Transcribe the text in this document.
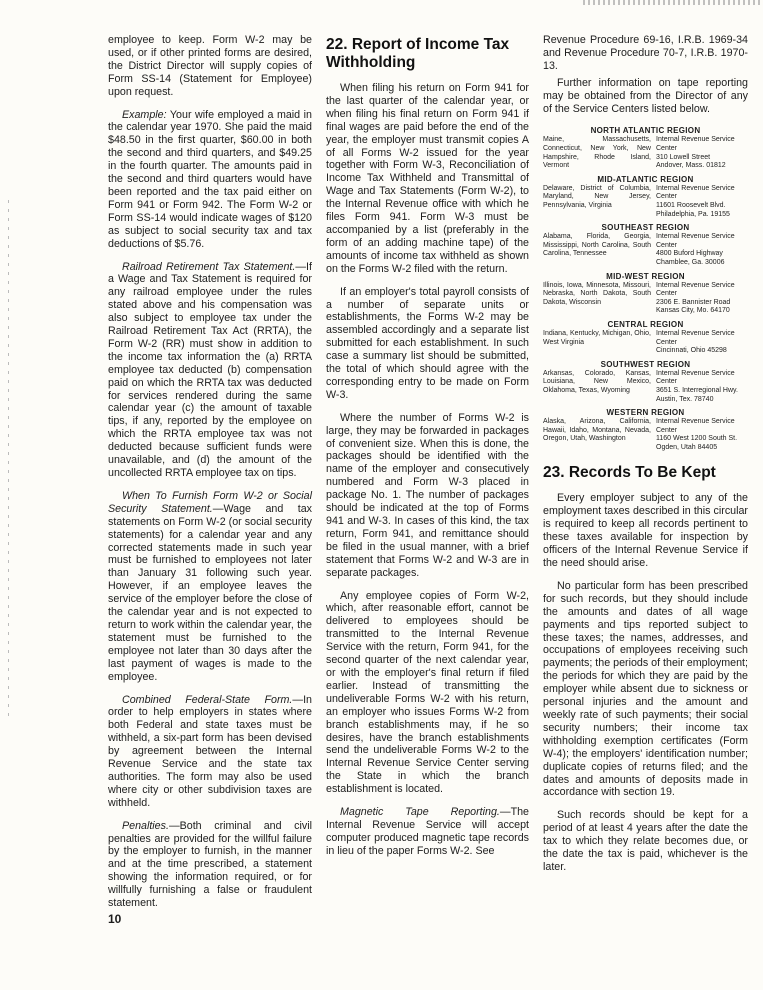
employee to keep. Form W-2 may be used, or if other printed forms are desired, the District Director will supply copies of Form SS-14 (Statement for Employee) upon request.

Example: Your wife employed a maid in the calendar year 1970. She paid the maid $48.50 in the first quarter, $60.00 in both the second and third quarters, and $49.25 in the fourth quarter. The amounts paid in the second and third quarters would have been reported and the tax paid either on Form 941 or Form 942. The Form W-2 or Form SS-14 would indicate wages of $120 as subject to social security tax and tax deductions of $5.76.

Railroad Retirement Tax Statement.—If a Wage and Tax Statement is required for any railroad employee under the rules stated above and his compensation was also subject to employee tax under the Railroad Retirement Tax Act (RRTA), the Form W-2 (RR) must show in addition to the income tax information the (a) RRTA employee tax deducted (b) compensation paid on which the RRTA tax was deducted for services rendered during the same calendar year (c) the amount of taxable tips, if any, reported by the employee on which the RRTA employee tax was not deducted because sufficient funds were unavailable, and (d) the amount of the uncollected RRTA employee tax on tips.

When To Furnish Form W-2 or Social Security Statement.—Wage and tax statements on Form W-2 (or social security statements) for a calendar year and any corrected statements made in such year must be furnished to employees not later than January 31 following such year. However, if an employee leaves the service of the employer before the close of the calendar year and is not expected to return to work within the calendar year, the statement must be furnished to the employee not later than 30 days after the last payment of wages is made to the employee.

Combined Federal-State Form.—In order to help employers in states where both Federal and state taxes must be withheld, a six-part form has been devised by agreement between the Internal Revenue Service and the state tax authorities. The form may also be used where city or other subdivision taxes are withheld.

Penalties.—Both criminal and civil penalties are provided for the willful failure by the employer to furnish, in the manner and at the time prescribed, a statement showing the information required, or for willfully furnishing a false or fraudulent statement.

22. Report of Income Tax Withholding

When filing his return on Form 941 for the last quarter of the calendar year, or when filing his final return on Form 941 if final wages are paid before the end of the year, the employer must transmit copies A of all Forms W-2 issued for the year together with Form W-3, Reconciliation of Income Tax Withheld and Transmittal of Wage and Tax Statements (Form W-2), to the Internal Revenue office with which he files Form 941. Form W-3 must be accompanied by a list (preferably in the form of an adding machine tape) of the amounts of income tax withheld as shown on the Forms W-2 filed with the return.

If an employer's total payroll consists of a number of separate units or establishments, the Forms W-2 may be assembled accordingly and a separate list submitted for each establishment. In such case a summary list should be submitted, the total of which should agree with the corresponding entry to be made on Form W-3.

Where the number of Forms W-2 is large, they may be forwarded in packages of convenient size. When this is done, the packages should be identified with the name of the employer and consecutively numbered and Form W-3 placed in package No. 1. The number of packages should be indicated at the top of Forms 941 and W-3. In cases of this kind, the tax return, Form 941, and remittance should be filed in the usual manner, with a brief statement that Forms W-2 and W-3 are in separate packages.

Any employee copies of Form W-2, which, after reasonable effort, cannot be delivered to employees should be transmitted to the Internal Revenue Service with the return, Form 941, for the second quarter of the next calendar year, or with the employer's final return if filed earlier. Instead of transmitting the undeliverable Forms W-2 with his return, an employer who issues Forms W-2 from branch establishments may, if he so desires, have the branch establishments send the undeliverable Forms W-2 to the Internal Revenue Service Center serving the State in which the branch establishment is located.

Magnetic Tape Reporting.—The Internal Revenue Service will accept computer produced magnetic tape records in lieu of the paper Forms W-2. See

Revenue Procedure 69-16, I.R.B. 1969-34 and Revenue Procedure 70-7, I.R.B. 1970-13.

Further information on tape reporting may be obtained from the Director of any of the Service Centers listed below.

NORTH ATLANTIC REGION
Maine, Massachusetts, Connecticut, New York, New Hampshire, Rhode Island, Vermont
Internal Revenue Service
Center
310 Lowell Street
Andover, Mass. 01812
MID-ATLANTIC REGION
Delaware, District of Columbia, Maryland, New Jersey, Pennsylvania, Virginia
Internal Revenue Service
Center
11601 Roosevelt Blvd.
Philadelphia, Pa. 19155
SOUTHEAST REGION
Alabama, Florida, Georgia, Mississippi, North Carolina, South Carolina, Tennessee
Internal Revenue Service
Center
4800 Buford Highway
Chamblee, Ga. 30006
MID-WEST REGION
Illinois, Iowa, Minnesota, Missouri, Nebraska, North Dakota, South Dakota, Wisconsin
Internal Revenue Service
Center
2306 E. Bannister Road
Kansas City, Mo. 64170
CENTRAL REGION
Indiana, Kentucky, Michigan, Ohio, West Virginia
Internal Revenue Service
Center
Cincinnati, Ohio 45298
SOUTHWEST REGION
Arkansas, Colorado, Kansas, Louisiana, New Mexico, Oklahoma, Texas, Wyoming
Internal Revenue Service
Center
3651 S. Interregional Hwy.
Austin, Tex. 78740
WESTERN REGION
Alaska, Arizona, California, Hawaii, Idaho, Montana, Nevada, Oregon, Utah, Washington
Internal Revenue Service
Center
1160 West 1200 South St.
Ogden, Utah 84405
23. Records To Be Kept

Every employer subject to any of the employment taxes described in this circular is required to keep all records pertinent to these taxes available for inspection by officers of the Internal Revenue Service if the need should arise.

No particular form has been prescribed for such records, but they should include the amounts and dates of all wage payments and tips reported subject to these taxes; the names, addresses, and occupations of employees receiving such payments; the periods of their employment; the periods for which they are paid by the employer while absent due to sickness or personal injuries and the amount and weekly rate of such payments; their social security numbers; their income tax withholding exemption certificates (Form W-4); the employers' identification number; duplicate copies of returns filed; and the dates and amounts of deposits made in accordance with section 19.

Such records should be kept for a period of at least 4 years after the date the tax to which they relate becomes due, or the date the tax is paid, whichever is the later.

10
